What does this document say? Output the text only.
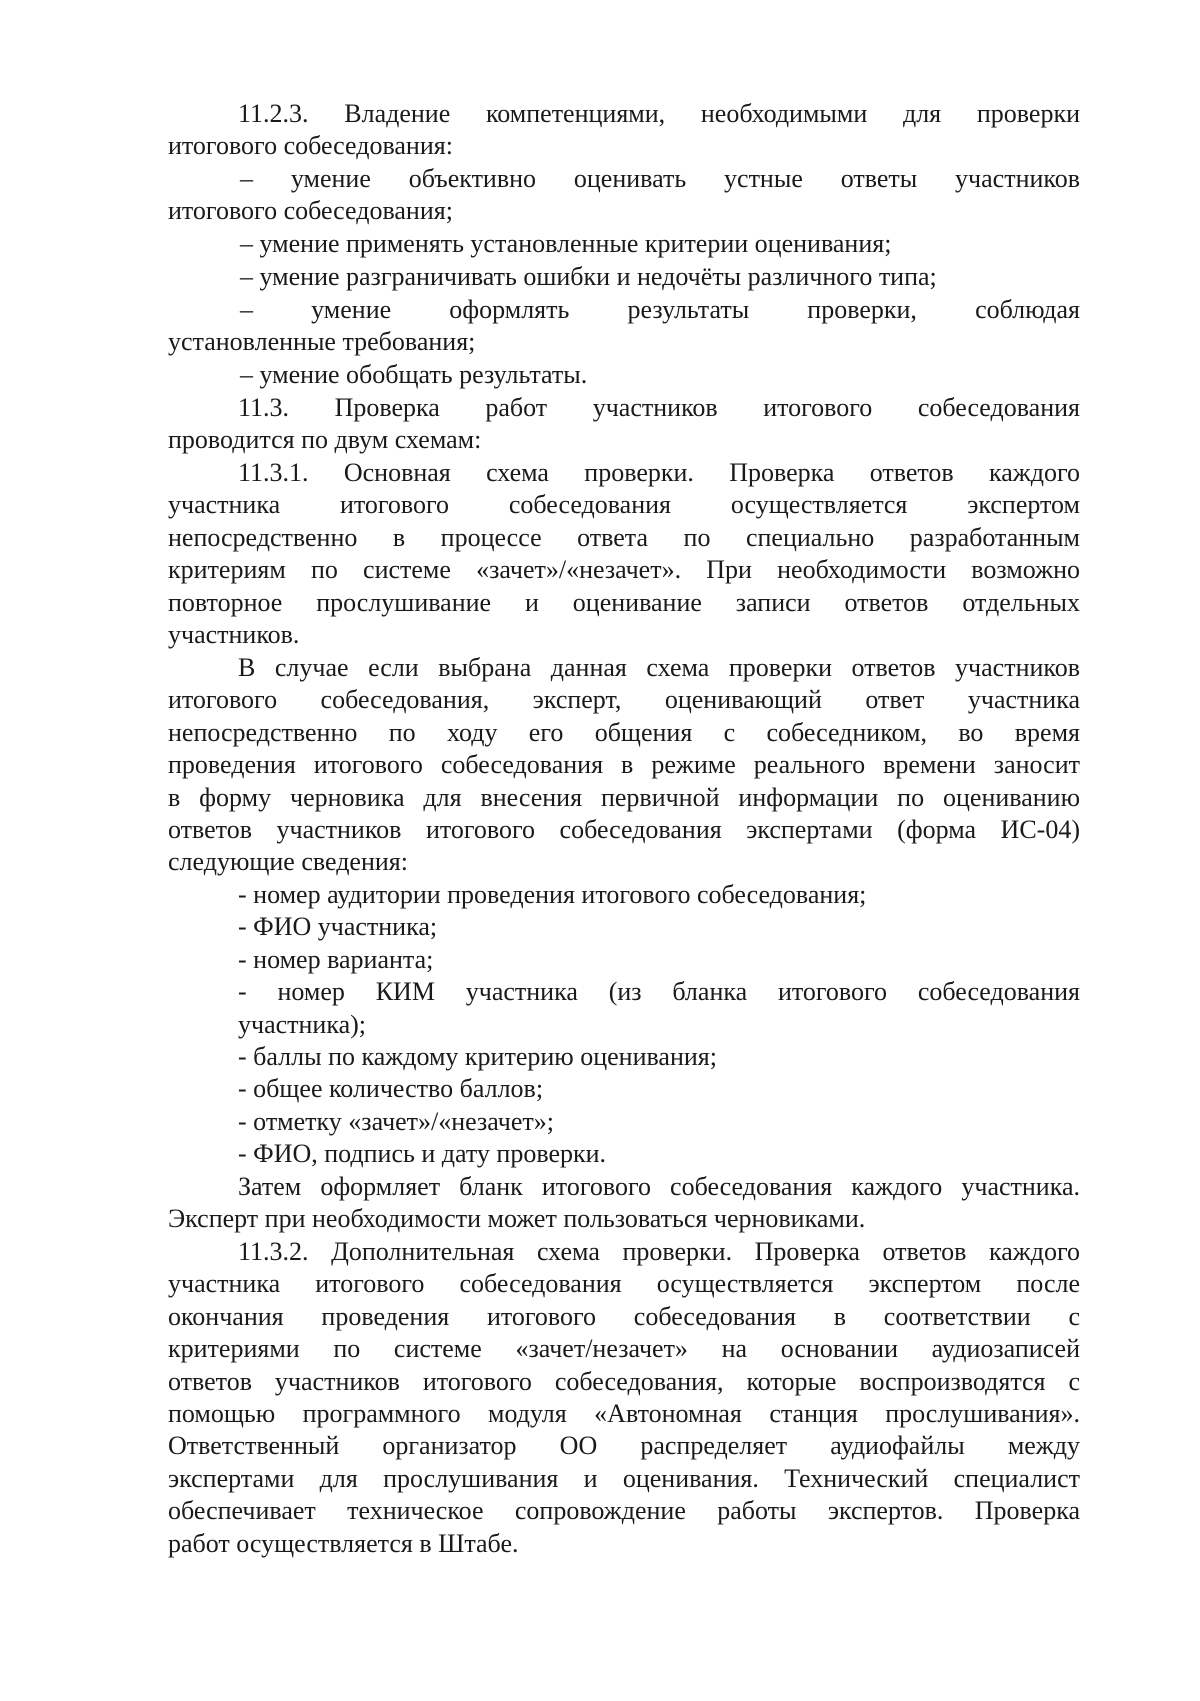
11.2.3. Владение компетенциями, необходимыми для проверки
итогового собеседования:
– умение объективно оценивать устные ответы участников
итогового собеседования;
– умение применять установленные критерии оценивания;
– умение разграничивать ошибки и недочёты различного типа;
– умение оформлять результаты проверки, соблюдая
установленные требования;
– умение обобщать результаты.
11.3. Проверка работ участников итогового собеседования
проводится по двум схемам:
11.3.1. Основная схема проверки. Проверка ответов каждого
участника итогового собеседования осуществляется экспертом
непосредственно в процессе ответа по специально разработанным
критериям по системе «зачет»/«незачет». При необходимости возможно
повторное прослушивание и оценивание записи ответов отдельных
участников.
В случае если выбрана данная схема проверки ответов участников
итогового собеседования, эксперт, оценивающий ответ участника
непосредственно по ходу его общения с собеседником, во время
проведения итогового собеседования в режиме реального времени заносит
в форму черновика для внесения первичной информации по оцениванию
ответов участников итогового собеседования экспертами (форма ИС-04)
следующие сведения:
- номер аудитории проведения итогового собеседования;
- ФИО участника;
- номер варианта;
- номер КИМ участника (из бланка итогового собеседования
участника);
- баллы по каждому критерию оценивания;
- общее количество баллов;
- отметку «зачет»/«незачет»;
- ФИО, подпись и дату проверки.
Затем оформляет бланк итогового собеседования каждого участника.
Эксперт при необходимости может пользоваться черновиками.
11.3.2. Дополнительная схема проверки. Проверка ответов каждого
участника итогового собеседования осуществляется экспертом после
окончания проведения итогового собеседования в соответствии с
критериями по системе «зачет/незачет» на основании аудиозаписей
ответов участников итогового собеседования, которые воспроизводятся с
помощью программного модуля «Автономная станция прослушивания».
Ответственный организатор ОО распределяет аудиофайлы между
экспертами для прослушивания и оценивания. Технический специалист
обеспечивает техническое сопровождение работы экспертов. Проверка
работ осуществляется в Штабе.
